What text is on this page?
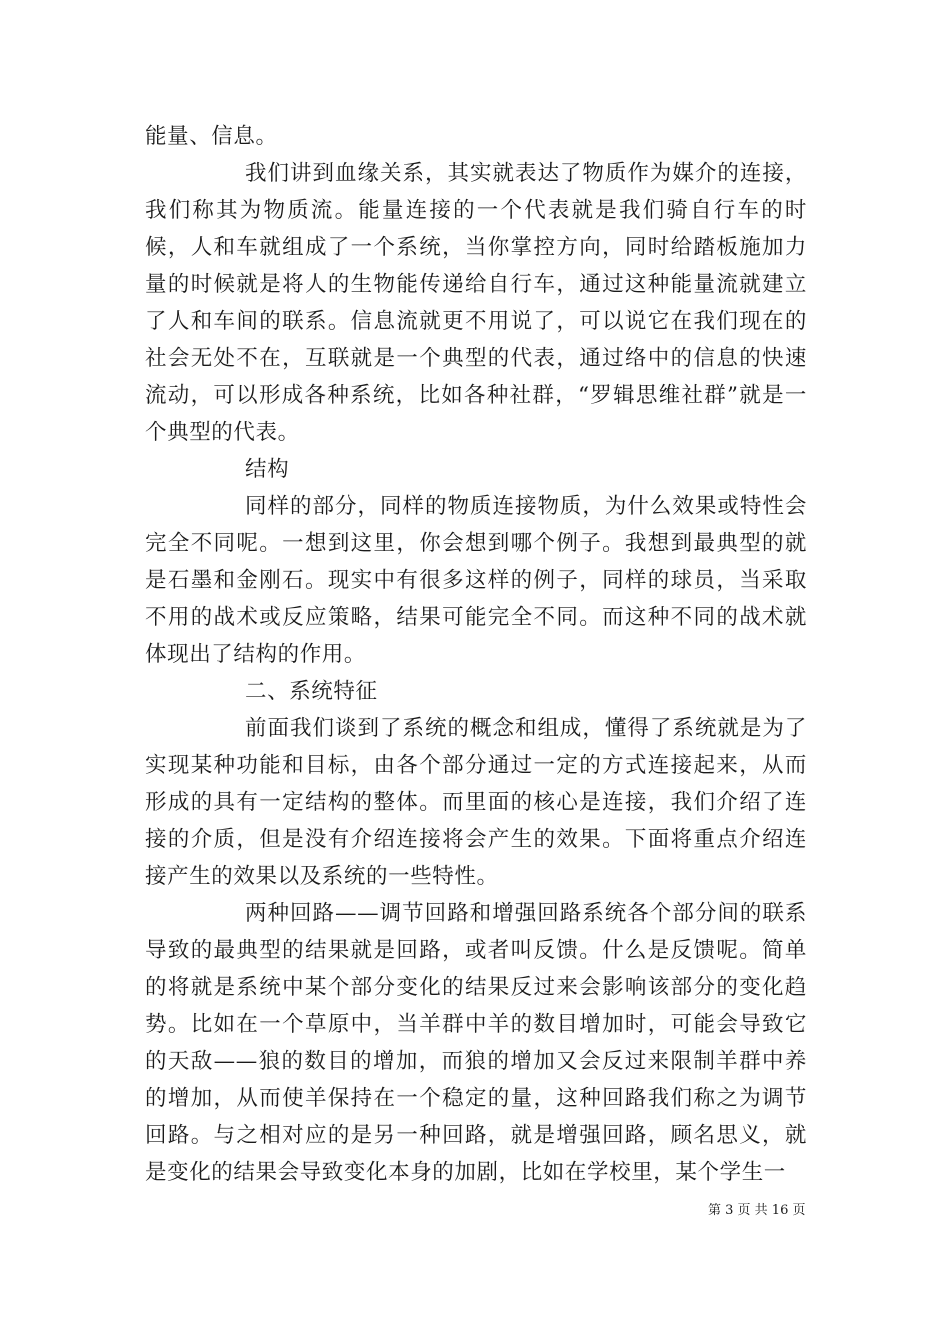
能量、信息。

我们讲到血缘关系，其实就表达了物质作为媒介的连接，我们称其为物质流。能量连接的一个代表就是我们骑自行车的时候，人和车就组成了一个系统，当你掌控方向，同时给踏板施加力量的时候就是将人的生物能传递给自行车，通过这种能量流就建立了人和车间的联系。信息流就更不用说了，可以说它在我们现在的社会无处不在，互联就是一个典型的代表，通过络中的信息的快速流动，可以形成各种系统，比如各种社群，“罗辑思维社群”就是一个典型的代表。

结构

同样的部分，同样的物质连接物质，为什么效果或特性会完全不同呢。一想到这里，你会想到哪个例子。我想到最典型的就是石墨和金刚石。现实中有很多这样的例子，同样的球员，当采取不用的战术或反应策略，结果可能完全不同。而这种不同的战术就体现出了结构的作用。

二、系统特征

前面我们谈到了系统的概念和组成，懂得了系统就是为了实现某种功能和目标，由各个部分通过一定的方式连接起来，从而形成的具有一定结构的整体。而里面的核心是连接，我们介绍了连接的介质，但是没有介绍连接将会产生的效果。下面将重点介绍连接产生的效果以及系统的一些特性。

两种回路——调节回路和增强回路系统各个部分间的联系导致的最典型的结果就是回路，或者叫反馈。什么是反馈呢。简单的将就是系统中某个部分变化的结果反过来会影响该部分的变化趋势。比如在一个草原中，当羊群中羊的数目增加时，可能会导致它的天敌——狼的数目的增加，而狼的增加又会反过来限制羊群中养的增加，从而使羊保持在一个稳定的量，这种回路我们称之为调节回路。与之相对应的是另一种回路，就是增强回路，顾名思义，就是变化的结果会导致变化本身的加剧，比如在学校里，某个学生一

第 3 页 共 16 页
